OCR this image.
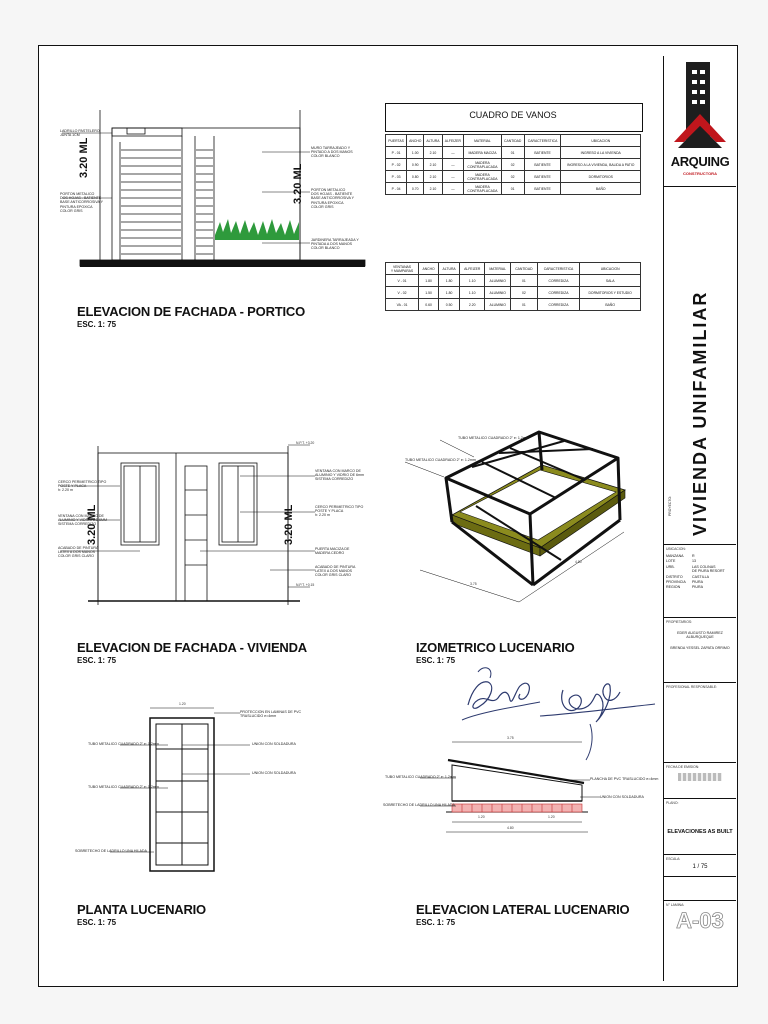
3.20 ML
3.20 ML
LADRILLO PASTELERO
JUNTA 1CM
PORTON METALICO
DOS HOJAS - BATIENTE
BASE ANTICORROSIVA Y
PINTURA EPOXICA
COLOR GRIS
MURO TARRAJEADO Y
PINTADO A DOS MANOS
COLOR BLANCO
PORTON METALICO
DOS HOJAS - BATIENTE
BASE ANTICORROSIVA Y
PINTURA EPOXICA
COLOR GRIS
JARDINERA TARRAJEADA Y
PINTADA A DOS MANOS
COLOR BLANCO
ELEVACION DE FACHADA - PORTICO
ESC. 1: 75
CUADRO DE VANOS
PUERTAS	ANCHO	ALTURA	ALFEIZER	MATERIAL	CANTIDAD	CARACTERISTICA	UBICACION
P - 01	1.00	2.10	—	MADERA MACIZA	01	BATIENTE	INGRESO A LA VIVIENDA
P - 02	0.90	2.10	—	MADERA
CONTRAPLACADA	02	BATIENTE	INGRESO A LA VIVIENDA, BALIDA A PATIO
P - 03	0.80	2.10	—	MADERA
CONTRAPLACADA	02	BATIENTE	DORMITORIOS
P - 04	0.70	2.10	—	MADERA
CONTRAPLACADA	01	BATIENTE	BAÑO
VENTANAS
Y MAMPARAS	ANCHO	ALTURA	ALFEIZER	MATERIAL	CANTIDAD	CARACTERISTICA	UBICACION
V - 01	1.80	1.80	1.10	ALUMINIO	01	CORREDIZA	SALA
V - 02	1.50	1.80	1.10	ALUMINIO	02	CORREDIZA	DORMITORIOS Y ESTUDIO
VA - 01	0.60	0.50	2.20	ALUMINIO	01	CORREDIZA	BAÑO
3.20 ML	3.20 ML
N.P.T. +3.20
N.P.T. +0.15
CERCO PERIMETRICO TIPO
POSTE Y PLACA
h: 2.20 m
VENTANA CON MARCO DE
ALUMINIO Y VIDRIO DE 6MM
SISTEMA CORREDIZO
ACABADO DE PINTURA
LATEX A DOS MANOS
COLOR GRIS CLARO
VENTANA CON MARCO DE
ALUMINIO Y VIDRIO DE 6mm
SISTEMA CORREDIZO
CERCO PERIMETRICO TIPO
POSTE Y PLACA
h: 2.20 m
PUERTA MACIZA DE
MADERA CEDRO
ACABADO DE PINTURA
LATEX A DOS MANOS
COLOR GRIS CLARO
ELEVACION DE FACHADA - VIVIENDA
ESC. 1: 75
TUBO METALICO CUADRADO 2" e: 1.2mm
TUBO METALICO CUADRADO 2" e: 1.2mm
3.75
4.80
IZOMETRICO LUCENARIO
ESC. 1: 75
1.20
TUBO METALICO CUADRADO 2" e: 1.2mm
TUBO METALICO CUADRADO 2" e: 1.2mm
SOBRETECHO DE LADRILLO UNA HILADA
PROTECCION EN LAMINAS DE PVC
TRASLUCIDO e=4mm
UNION CON SOLDADURA
UNION CON SOLDADURA
PLANTA LUCENARIO
ESC. 1: 75
3.75
1.20	1.20
4.80
TUBO METALICO CUADRADO 2" e: 1.2mm
SOBRETECHO DE LADRILLO UNA HILADA
PLANCHA DE PVC TRASLUCIDO e=4mm
UNION CON SOLDADURA
ELEVACION LATERAL LUCENARIO
ESC. 1: 75
ARQUING
CONSTRUCTORA
PROYECTO: VIVIENDA UNIFAMILIAR
UBICACION:
MANZANA	R
LOTE	13
URB.	LAS COLINAS
DE PIURA RESORT
DISTRITO	CASTILLA
PROVINCIA	PIURA
REGION	PIURA
PROPIETARIOS:
EDER AUGUSTO RAMIREZ
ALBURQUEQUE
BRENDA YESSEL ZAPATA ORRIMO
PROFESIONAL RESPONSABLE:
FECHA DE EMISION:
PLANO:
ELEVACIONES AS BUILT
ESCALA:
1 / 75
N° LAMINA:
A-03
